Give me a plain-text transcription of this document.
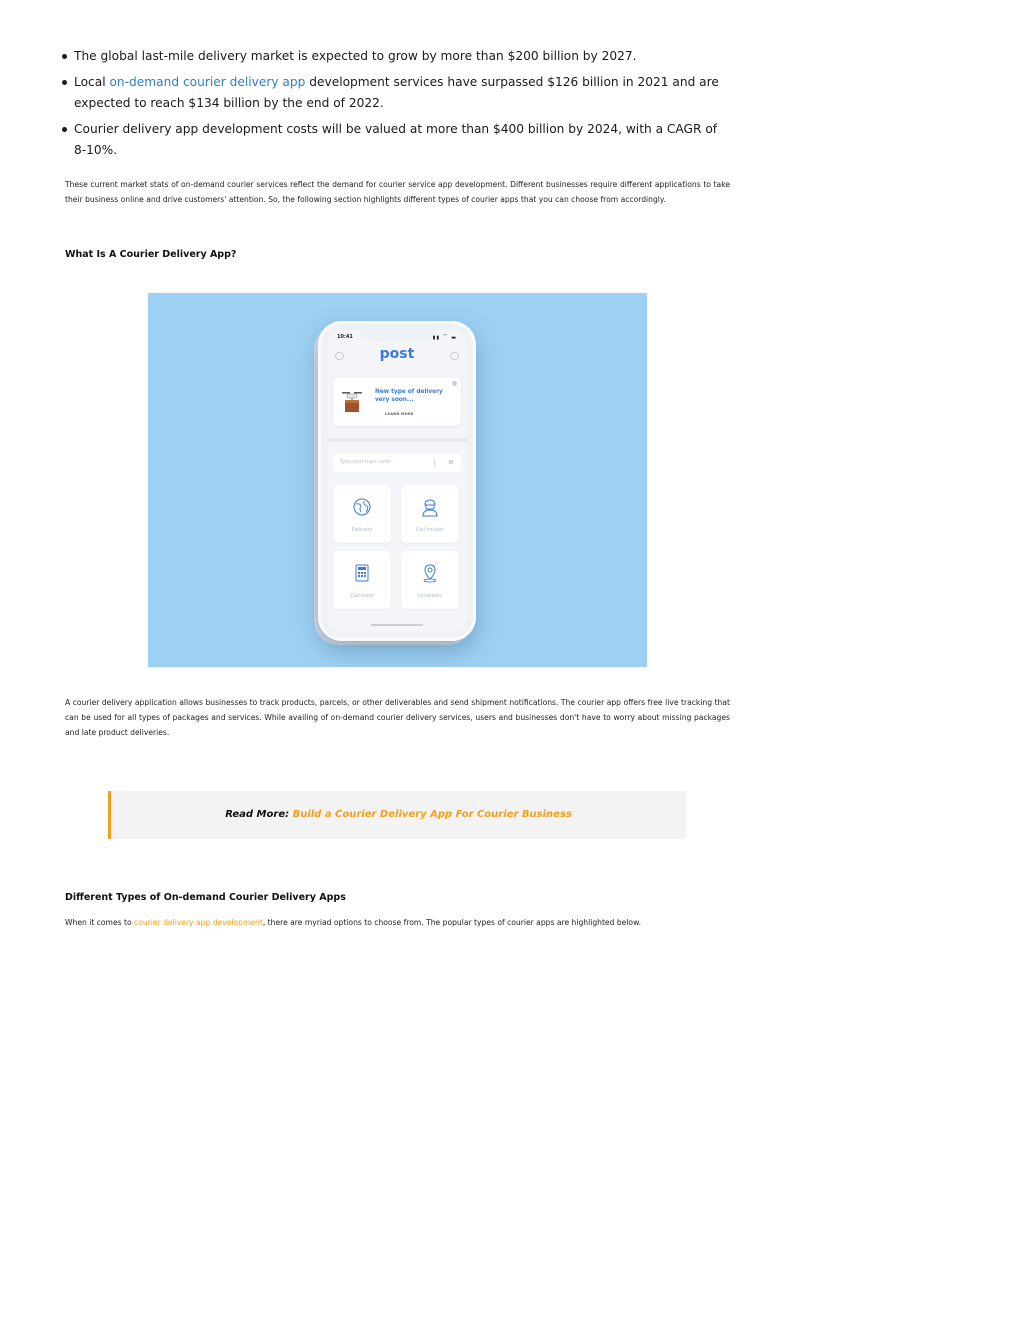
The global last-mile delivery market is expected to grow by more than $200 billion by 2027.
Local on-demand courier delivery app development services have surpassed $126 billion in 2021 and are expected to reach $134 billion by the end of 2022.
Courier delivery app development costs will be valued at more than $400 billion by 2024, with a CAGR of 8-10%.

These current market stats of on-demand courier services reflect the demand for courier service app development. Different businesses require different applications to take their business online and drive customers' attention. So, the following section highlights different types of courier apps that you can choose from accordingly.

What Is A Courier Delivery App?
10:41	▮▮ ⌒ ▬
◯	post	◯
New type of delivery very soon...
LEARN MORE
Type your track code	≡
Delivery	Call courier
Calculate	Locations

A courier delivery application allows businesses to track products, parcels, or other deliverables and send shipment notifications. The courier app offers free live tracking that can be used for all types of packages and services. While availing of on-demand courier delivery services, users and businesses don't have to worry about missing packages and late product deliveries.

Read More: Build a Courier Delivery App For Courier Business
Different Types of On-demand Courier Delivery Apps

When it comes to courier delivery app development, there are myriad options to choose from. The popular types of courier apps are highlighted below.
